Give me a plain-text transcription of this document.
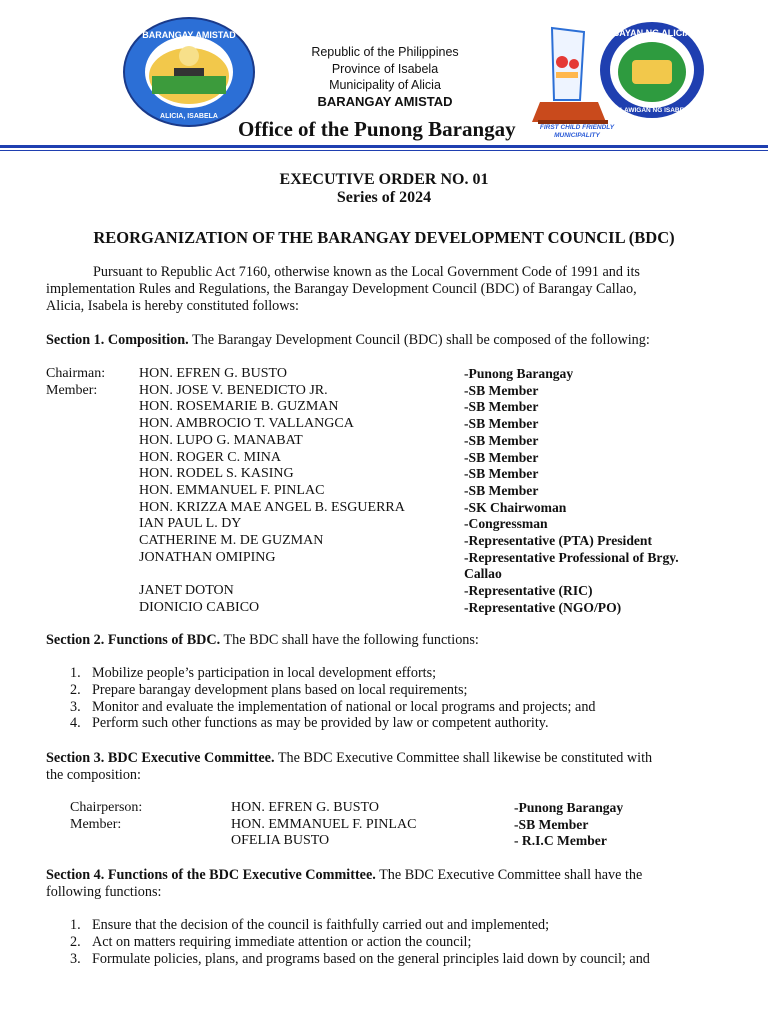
BARANGAY AMISTAD
ALICIA, ISABELA
FIRST CHILD FRIENDLY
MUNICIPALITY
BAYAN NG ALICIA
LALAWIGAN NG ISABELA
Republic of the Philippines
Province of Isabela
Municipality of Alicia
BARANGAY AMISTAD
Office of the Punong Barangay
EXECUTIVE ORDER NO. 01
Series of 2024
REORGANIZATION OF THE BARANGAY DEVELOPMENT COUNCIL (BDC)
Pursuant to Republic Act 7160, otherwise known as the Local Government Code of 1991 and its
implementation Rules and Regulations, the Barangay Development Council (BDC) of Barangay Callao,
Alicia, Isabela is hereby constituted follows:
Section 1. Composition. The Barangay Development Council (BDC) shall be composed of the following:
Chairman: HON. EFREN G. BUSTO	-Punong Barangay
Member:	HON. JOSE V. BENEDICTO JR.	-SB Member
HON. ROSEMARIE B. GUZMAN	-SB Member
HON. AMBROCIO T. VALLANGCA	-SB Member
HON. LUPO G. MANABAT	-SB Member
HON. ROGER C. MINA	-SB Member
HON. RODEL S. KASING	-SB Member
HON. EMMANUEL F. PINLAC	-SB Member
HON. KRIZZA MAE ANGEL B. ESGUERRA	-SK Chairwoman
IAN PAUL L. DY	-Congressman
CATHERINE M. DE GUZMAN	-Representative (PTA) President
JONATHAN OMIPING	-Representative Professional of Brgy.
Callao
JANET DOTON	-Representative (RIC)
DIONICIO CABICO	-Representative (NGO/PO)
Section 2. Functions of BDC. The BDC shall have the following functions:
1. Mobilize people’s participation in local development efforts;
2. Prepare barangay development plans based on local requirements;
3. Monitor and evaluate the implementation of national or local programs and projects; and
4. Perform such other functions as may be provided by law or competent authority.
Section 3. BDC Executive Committee. The BDC Executive Committee shall likewise be constituted with
the composition:
Chairperson:	HON. EFREN G. BUSTO	-Punong Barangay
Member:	HON. EMMANUEL F. PINLAC	-SB Member
OFELIA BUSTO	- R.I.C Member
Section 4. Functions of the BDC Executive Committee. The BDC Executive Committee shall have the
following functions:
1. Ensure that the decision of the council is faithfully carried out and implemented;
2. Act on matters requiring immediate attention or action the council;
3. Formulate policies, plans, and programs based on the general principles laid down by council; and
